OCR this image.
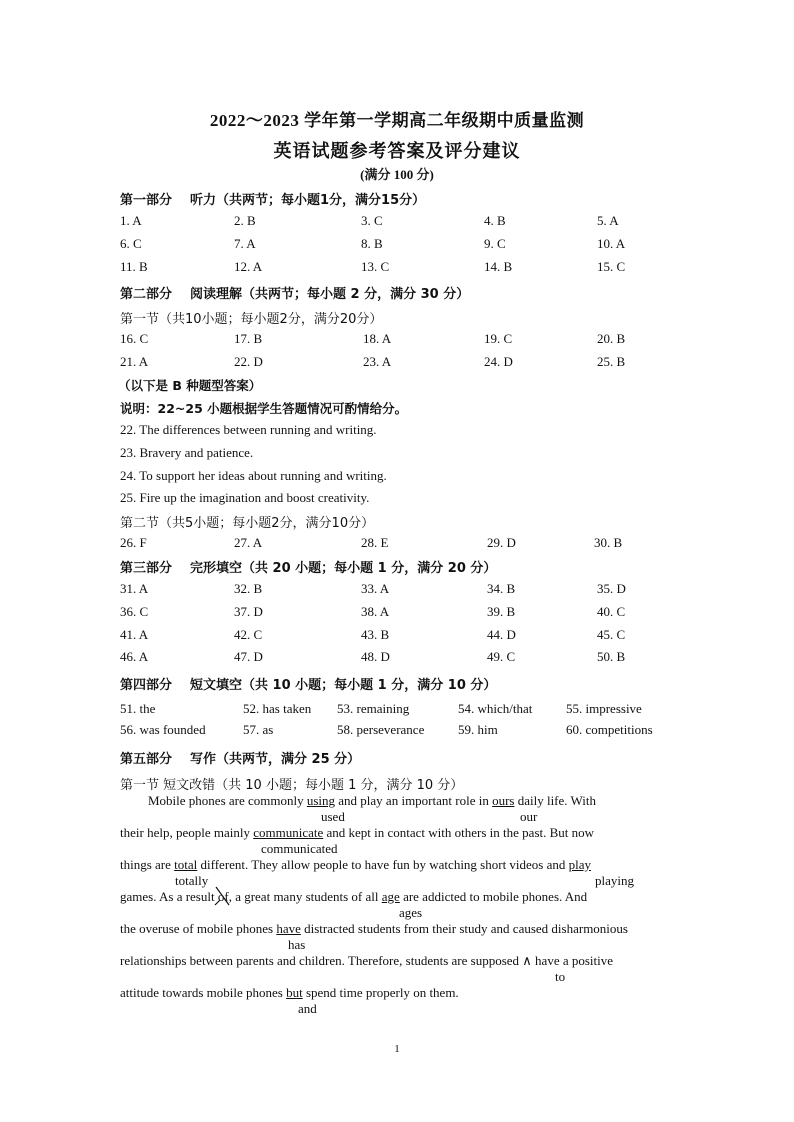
2022～2023 学年第一学期高二年级期中质量监测
英语试题参考答案及评分建议
(满分 100 分)
第一部分 听力（共两节；每小题1分，满分15分）
1. A	2. B	3. C	4. B	5. A
6. C	7. A	8. B	9. C	10. A
11. B	12. A	13. C	14. B	15. C
第二部分 阅读理解（共两节；每小题 2 分，满分 30 分）
第一节（共10小题；每小题2分，满分20分）
16. C	17. B	18. A	19. C	20. B
21. A	22. D	23. A	24. D	25. B
（以下是 B 种题型答案）
说明：22~25 小题根据学生答题情况可酌情给分。
22. The differences between running and writing.
23. Bravery and patience.
24. To support her ideas about running and writing.
25. Fire up the imagination and boost creativity.
第二节（共5小题；每小题2分，满分10分）
26. F	27. A	28. E	29. D	30. B
第三部分 完形填空（共 20 小题；每小题 1 分，满分 20 分）
31. A	32. B	33. A	34. B	35. D
36. C	37. D	38. A	39. B	40. C
41. A	42. C	43. B	44. D	45. C
46. A	47. D	48. D	49. C	50. B
第四部分 短文填空（共 10 小题；每小题 1 分，满分 10 分）
51. the	52. has taken 53. remaining	54. which/that	55. impressive
56. was founded	57. as	58. perseverance	59. him	60. competitions
第五部分 写作（共两节，满分 25 分）
第一节 短文改错（共 10 小题；每小题 1 分，满分 10 分）
Mobile phones are commonly using and play an important role in ours daily life. With
used	our
their help, people mainly communicate and kept in contact with others in the past. But now
communicated
things are total different. They allow people to have fun by watching short videos and play
totally	playing
games. As a result of
, a great many students of all age are addicted to mobile phones. And
ages
the overuse of mobile phones have distracted students from their study and caused disharmonious
has
relationships between parents and children. Therefore, students are supposed ∧ have a positive
to
attitude towards mobile phones but spend time properly on them.
and
1
